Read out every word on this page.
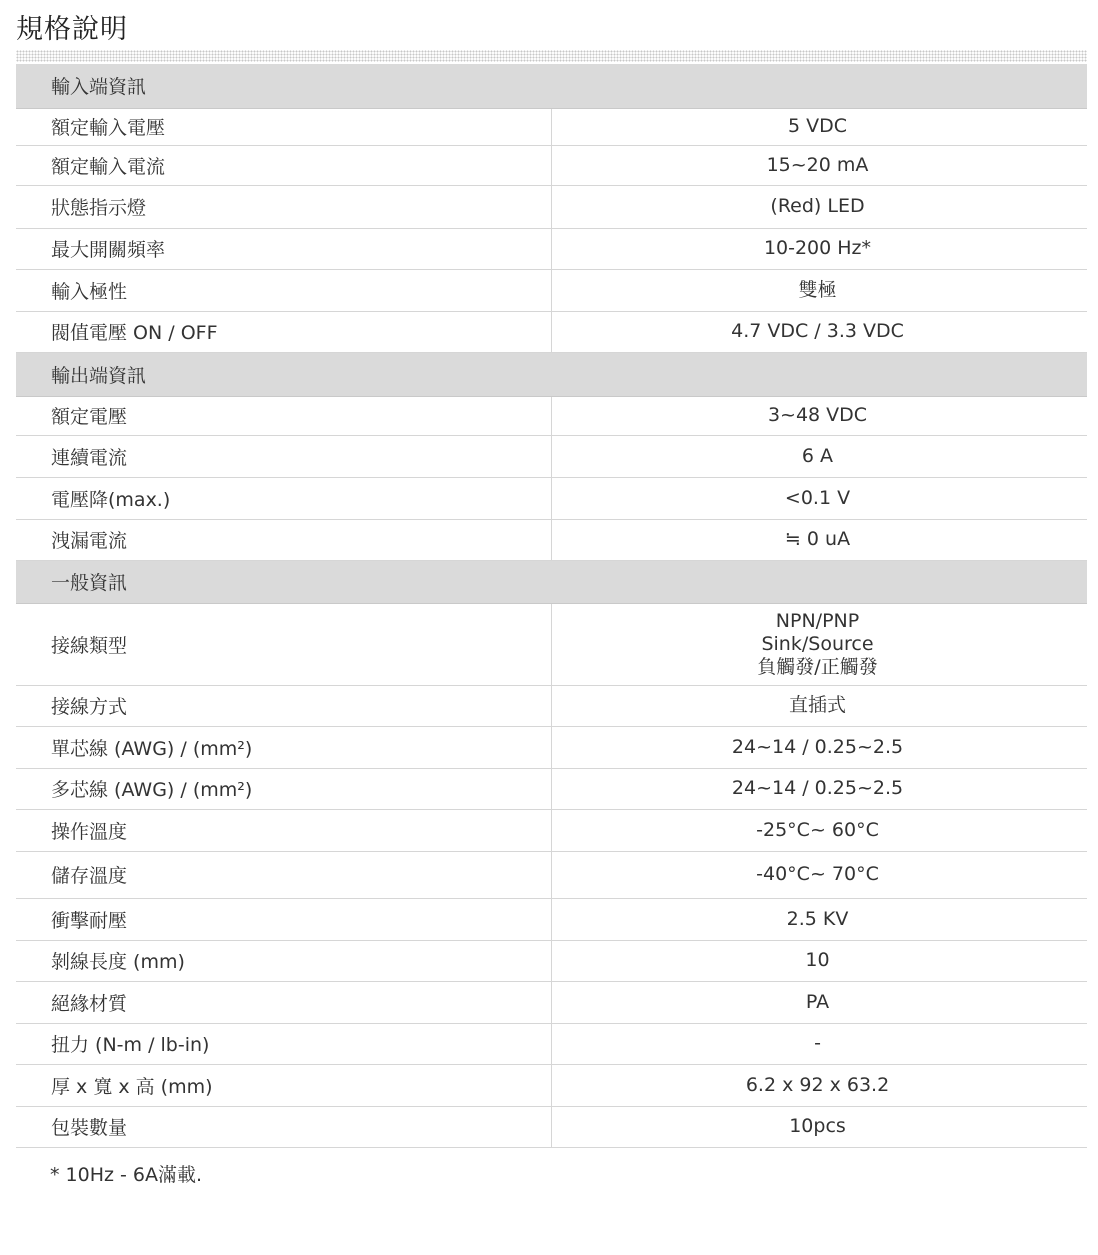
規格說明
輸入端資訊	
額定輸入電壓	5 VDC

額定輸入電流	15~20 mA

狀態指示燈	(Red) LED

最大開關頻率	10-200 Hz*

輸入極性	雙極

閥值電壓 ON / OFF	4.7 VDC / 3.3 VDC

輸出端資訊	
額定電壓	3~48 VDC

連續電流	6 A

電壓降(max.)	<0.1 V

洩漏電流	≒ 0 uA

一般資訊	
接線類型	NPN/PNP
Sink/Source
負觸發/正觸發

接線方式	直插式

單芯線 (AWG) / (mm²)	24~14 / 0.25~2.5

多芯線 (AWG) / (mm²)	24~14 / 0.25~2.5

操作溫度	-25°C~ 60°C

儲存溫度	-40°C~ 70°C

衝擊耐壓	2.5 KV

剝線長度 (mm)	10

絕緣材質	PA

扭力 (N-m / lb-in)	-

厚 x 寬 x 高 (mm)	6.2 x 92 x 63.2

包裝數量	10pcs
* 10Hz - 6A滿載.
